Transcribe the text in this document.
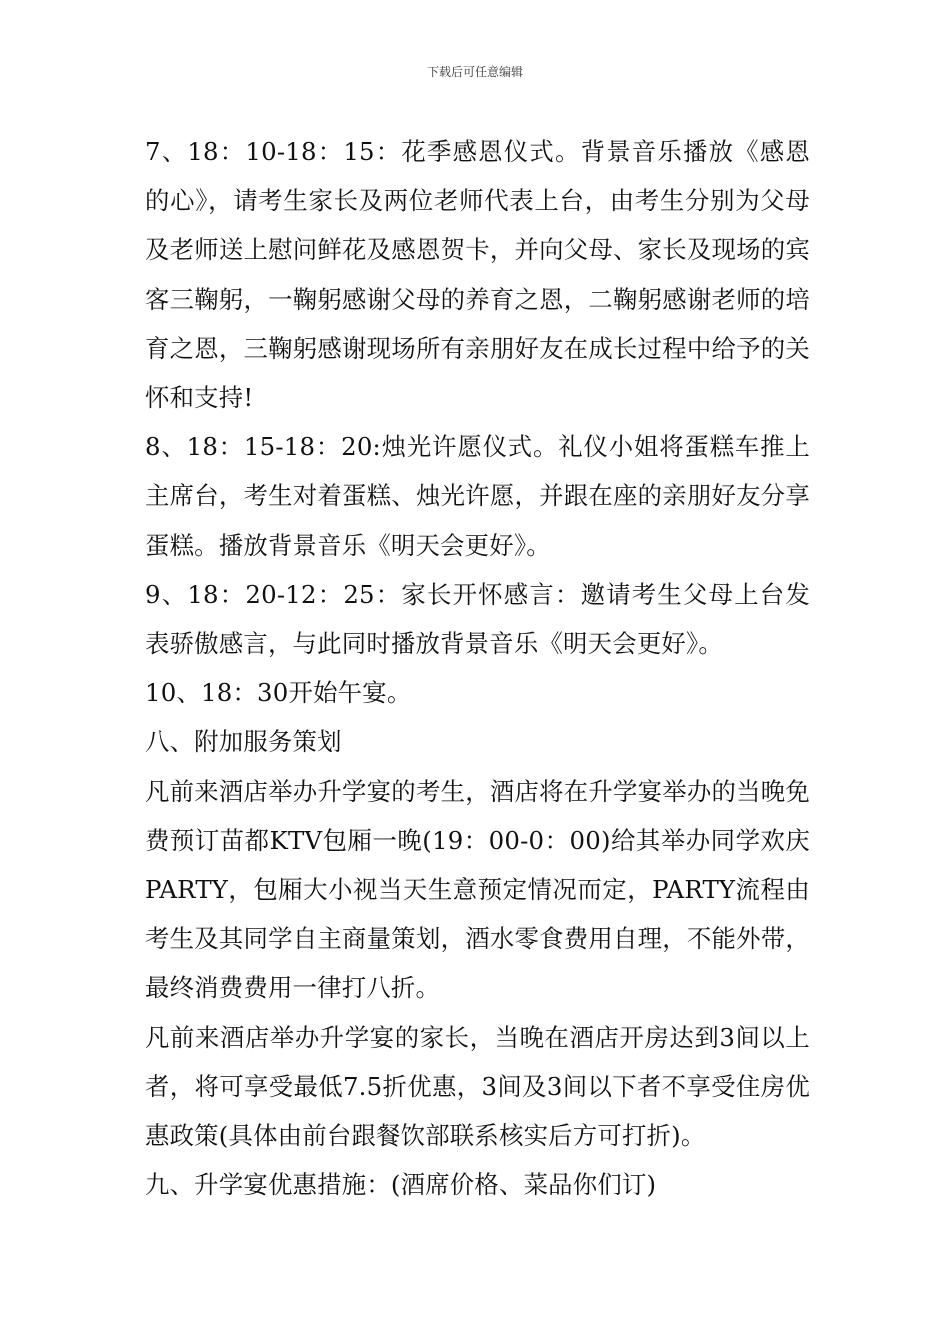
下载后可任意编辑

7、18：10-18：15：花季感恩仪式。背景音乐播放《感恩的心》，请考生家长及两位老师代表上台，由考生分别为父母及老师送上慰问鲜花及感恩贺卡，并向父母、家长及现场的宾客三鞠躬，一鞠躬感谢父母的养育之恩，二鞠躬感谢老师的培育之恩，三鞠躬感谢现场所有亲朋好友在成长过程中给予的关怀和支持!

8、18：15-18：20:烛光许愿仪式。礼仪小姐将蛋糕车推上主席台，考生对着蛋糕、烛光许愿，并跟在座的亲朋好友分享蛋糕。播放背景音乐《明天会更好》。

9、18：20-12：25：家长开怀感言：邀请考生父母上台发表骄傲感言，与此同时播放背景音乐《明天会更好》。

10、18：30开始午宴。

八、附加服务策划

凡前来酒店举办升学宴的考生，酒店将在升学宴举办的当晚免费预订苗都KTV包厢一晚(19：00-0：00)给其举办同学欢庆PARTY，包厢大小视当天生意预定情况而定，PARTY流程由考生及其同学自主商量策划，酒水零食费用自理，不能外带，最终消费费用一律打八折。

凡前来酒店举办升学宴的家长，当晚在酒店开房达到3间以上者，将可享受最低7.5折优惠，3间及3间以下者不享受住房优惠政策(具体由前台跟餐饮部联系核实后方可打折)。

九、升学宴优惠措施：(酒席价格、菜品你们订)
